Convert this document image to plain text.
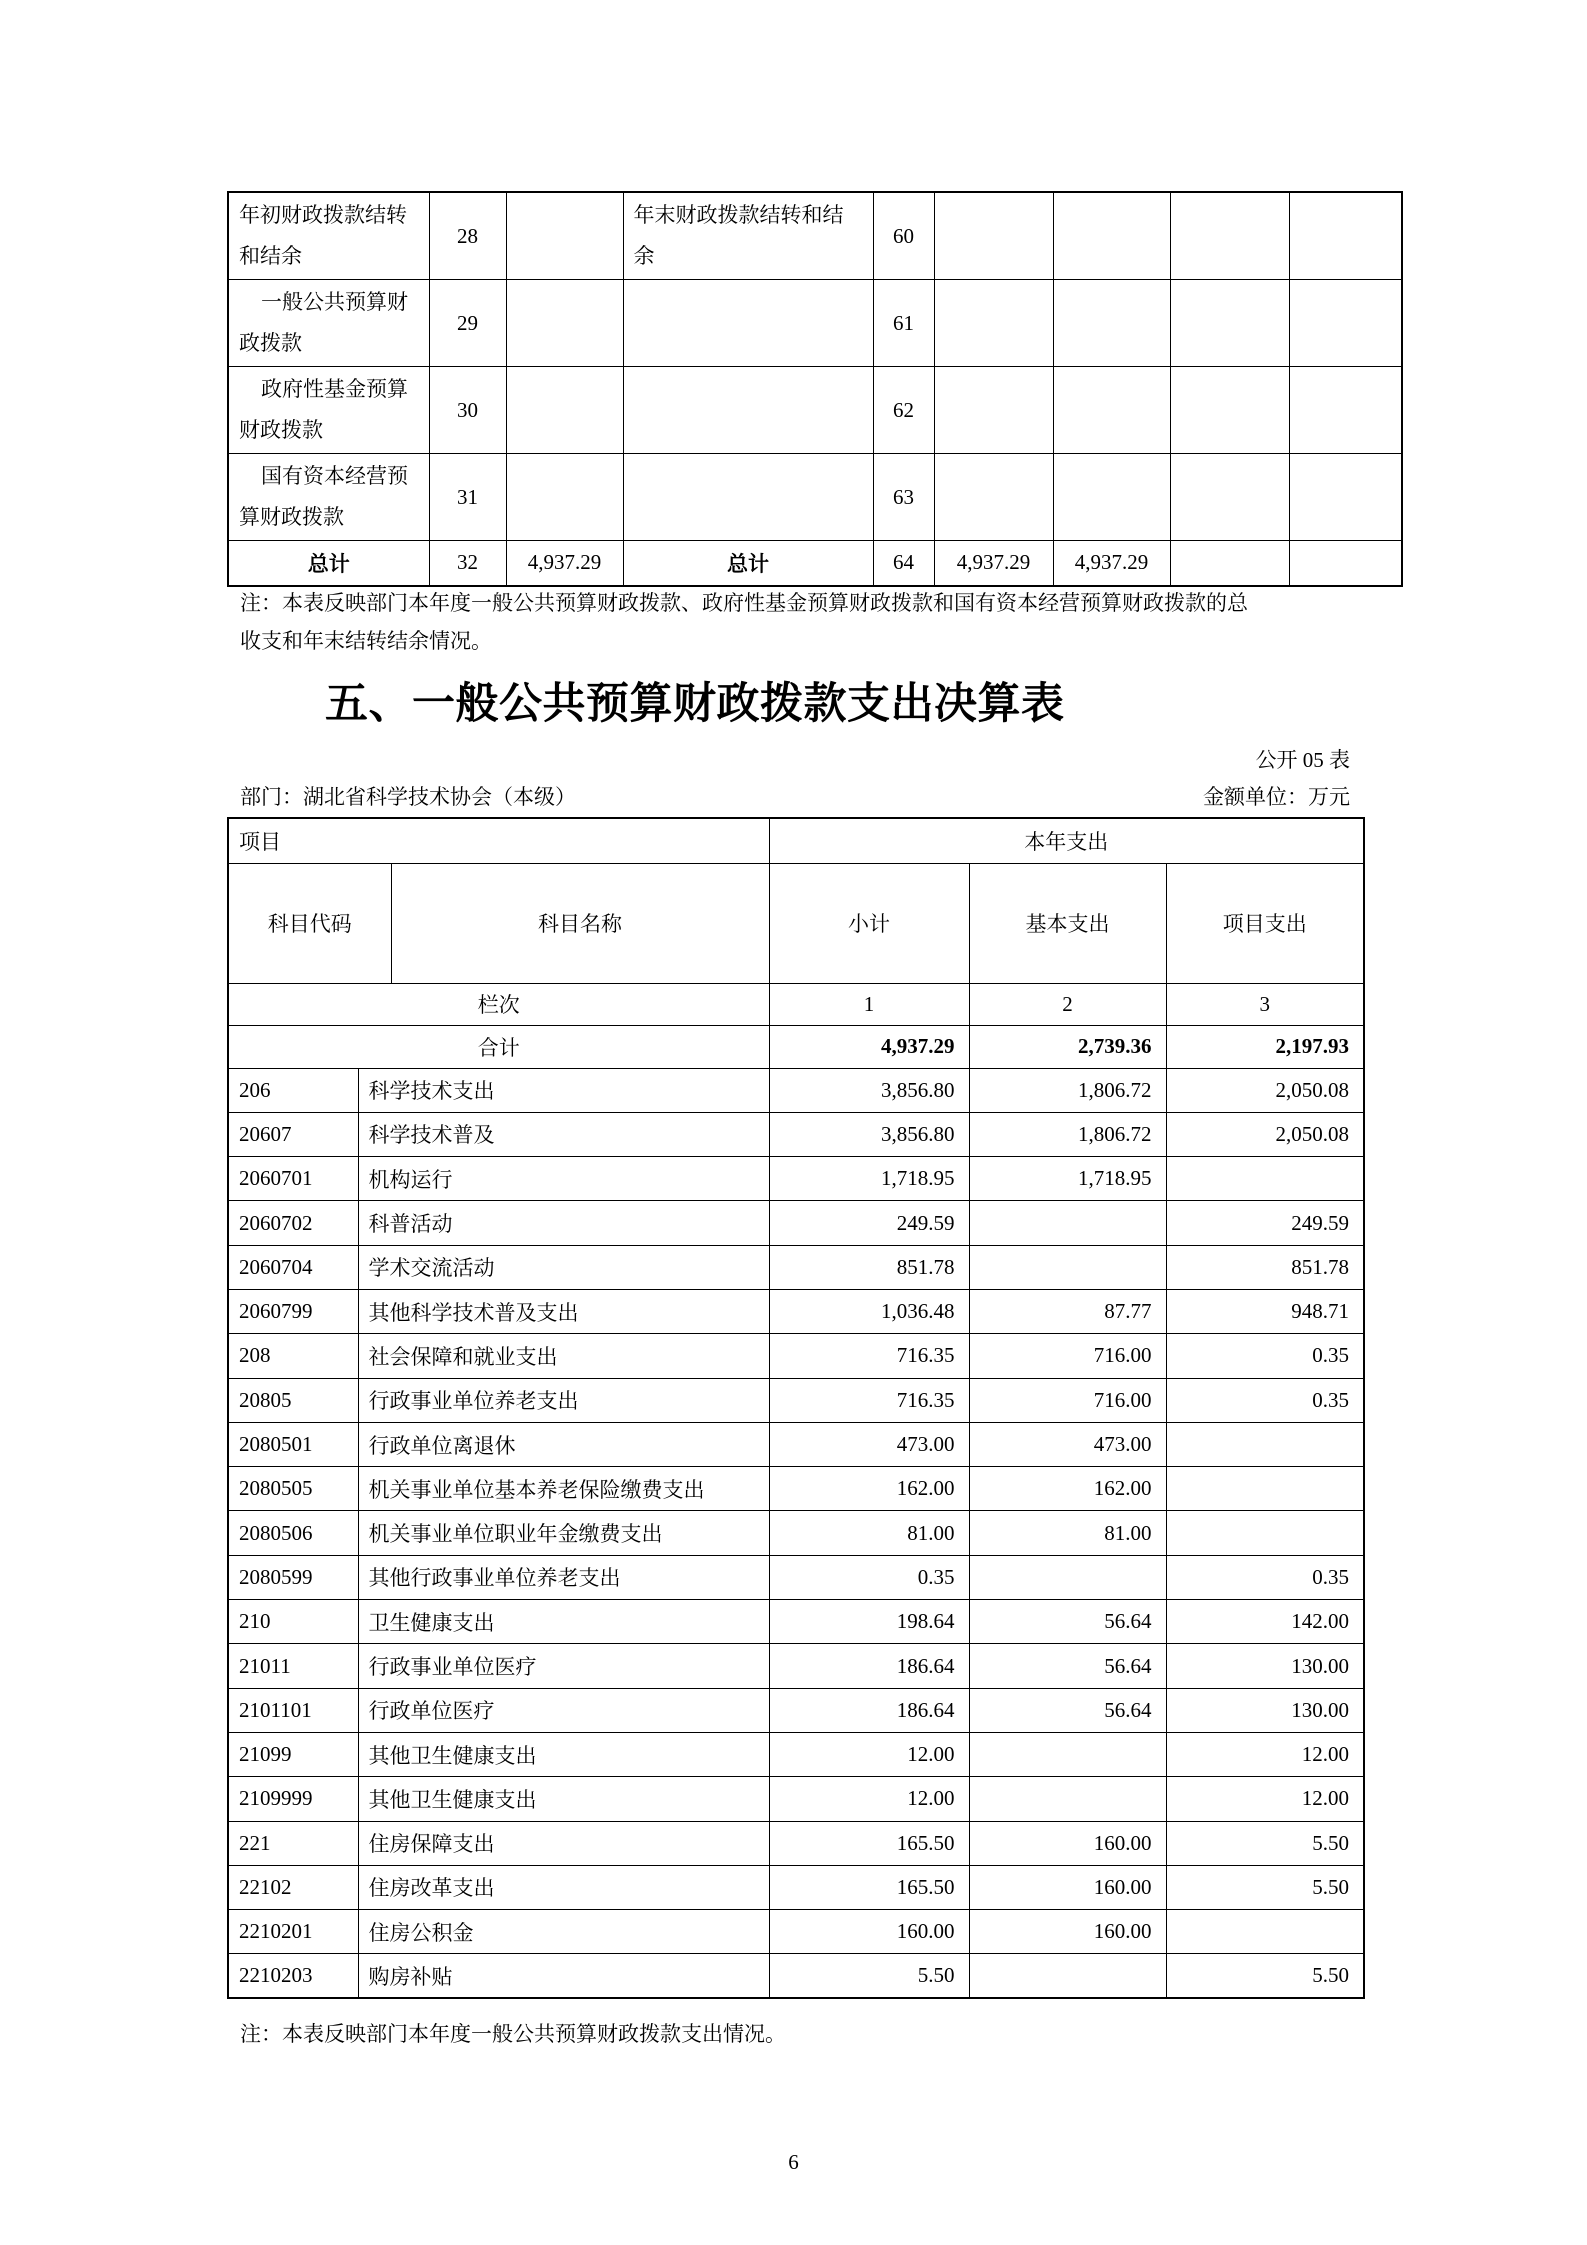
年初财政拨款结转和结余	28		年末财政拨款结转和结余	60				
一般公共预算财政拨款	29			61				
政府性基金预算财政拨款	30			62				
国有资本经营预算财政拨款	31			63				
总计	32	4,937.29	总计	64	4,937.29	4,937.29		
注：本表反映部门本年度一般公共预算财政拨款、政府性基金预算财政拨款和国有资本经营预算财政拨款的总
收支和年末结转结余情况。
五、一般公共预算财政拨款支出决算表
公开 05 表
部门：湖北省科学技术协会（本级）	金额单位：万元
项目			本年支出		
科目代码		科目名称	小计	基本支出	项目支出
栏次			1	2	3
合计			4,937.29	2,739.36	2,197.93
206	科学技术支出		3,856.80	1,806.72	2,050.08
20607	科学技术普及		3,856.80	1,806.72	2,050.08
2060701	机构运行		1,718.95	1,718.95	
2060702	科普活动		249.59		249.59
2060704	学术交流活动		851.78		851.78
2060799	其他科学技术普及支出		1,036.48	87.77	948.71
208	社会保障和就业支出		716.35	716.00	0.35
20805	行政事业单位养老支出		716.35	716.00	0.35
2080501	行政单位离退休		473.00	473.00	
2080505	机关事业单位基本养老保险缴费支出		162.00	162.00	
2080506	机关事业单位职业年金缴费支出		81.00	81.00	
2080599	其他行政事业单位养老支出		0.35		0.35
210	卫生健康支出		198.64	56.64	142.00
21011	行政事业单位医疗		186.64	56.64	130.00
2101101	行政单位医疗		186.64	56.64	130.00
21099	其他卫生健康支出		12.00		12.00
2109999	其他卫生健康支出		12.00		12.00
221	住房保障支出		165.50	160.00	5.50
22102	住房改革支出		165.50	160.00	5.50
2210201	住房公积金		160.00	160.00	
2210203	购房补贴		5.50		5.50
注：本表反映部门本年度一般公共预算财政拨款支出情况。
6
